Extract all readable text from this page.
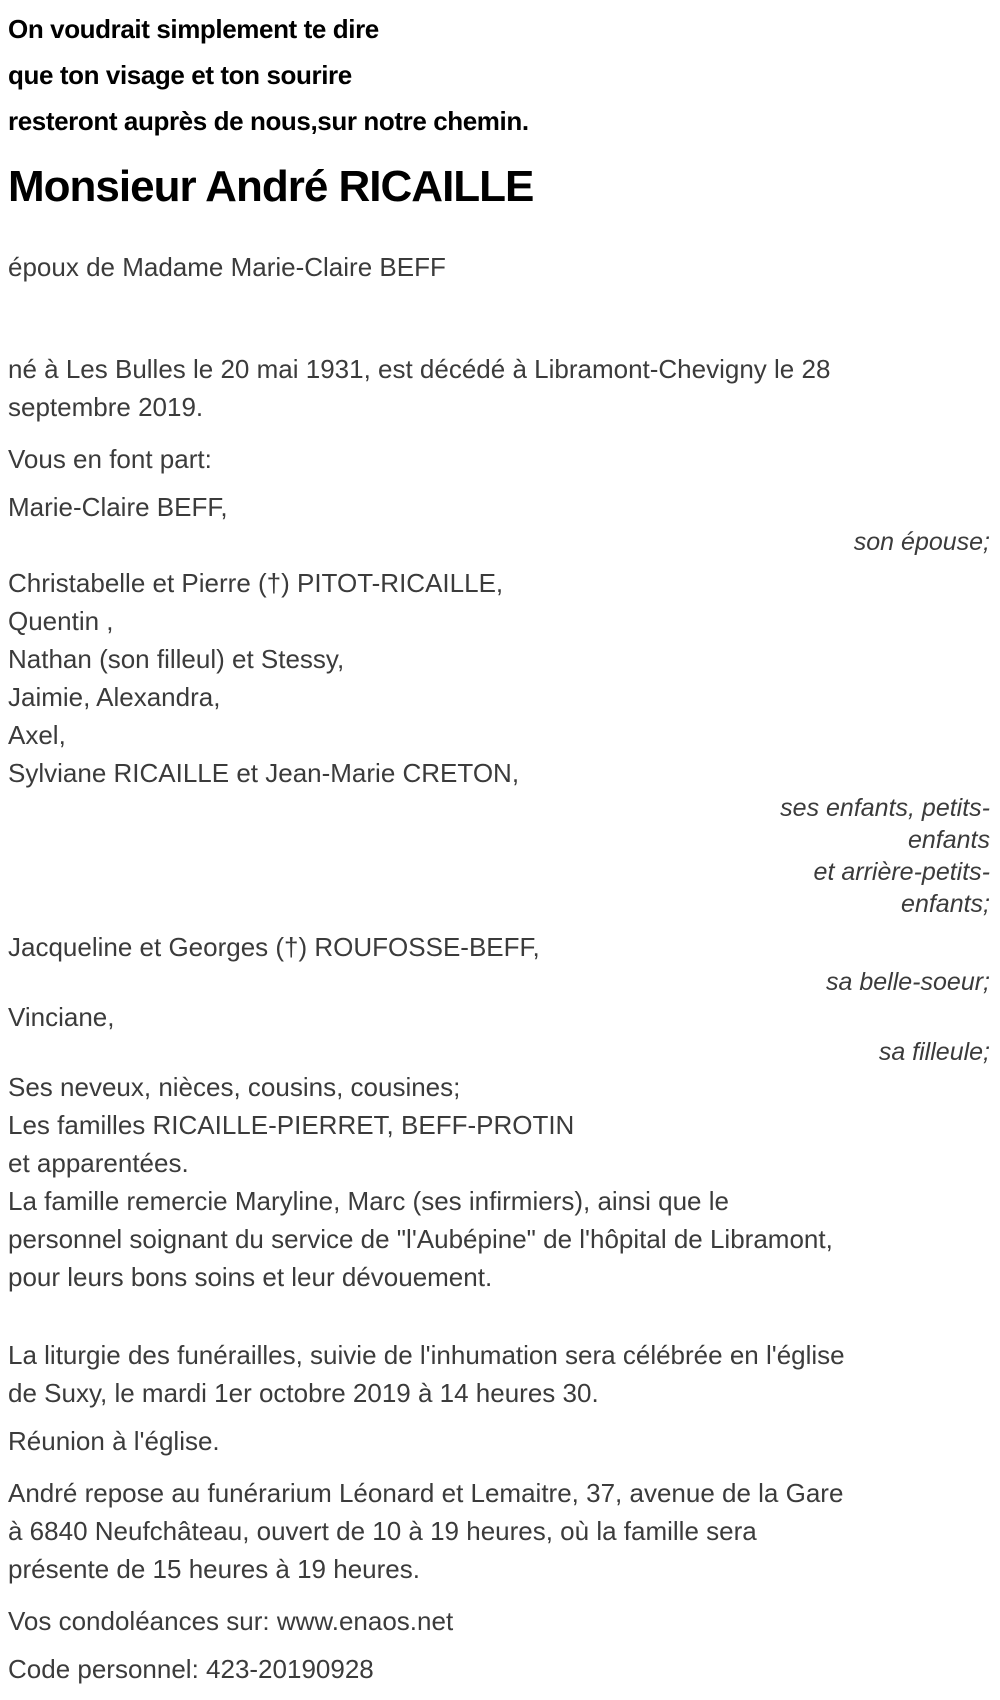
On voudrait simplement te dire
que ton visage et ton sourire
resteront auprès de nous,sur notre chemin.
Monsieur André RICAILLE
époux de Madame Marie-Claire BEFF
né à Les Bulles le 20 mai 1931, est décédé à Libramont-Chevigny le 28
septembre 2019.
Vous en font part:
Marie-Claire BEFF,
son épouse;
Christabelle et Pierre (†) PITOT-RICAILLE,
Quentin ,
Nathan (son filleul) et Stessy,
Jaimie, Alexandra,
Axel,
Sylviane RICAILLE et Jean-Marie CRETON,
ses enfants, petits-
enfants
et arrière-petits-
enfants;
Jacqueline et Georges (†) ROUFOSSE-BEFF,
sa belle-soeur;
Vinciane,
sa filleule;
Ses neveux, nièces, cousins, cousines;
Les familles RICAILLE-PIERRET, BEFF-PROTIN
et apparentées.
La famille remercie Maryline, Marc (ses infirmiers), ainsi que le
personnel soignant du service de "l'Aubépine" de l'hôpital de Libramont,
pour leurs bons soins et leur dévouement.
La liturgie des funérailles, suivie de l'inhumation sera célébrée en l'église
de Suxy, le mardi 1er octobre 2019 à 14 heures 30.
Réunion à l'église.
André repose au funérarium Léonard et Lemaitre, 37, avenue de la Gare
à 6840 Neufchâteau, ouvert de 10 à 19 heures, où la famille sera
présente de 15 heures à 19 heures.
Vos condoléances sur: www.enaos.net
Code personnel: 423-20190928
